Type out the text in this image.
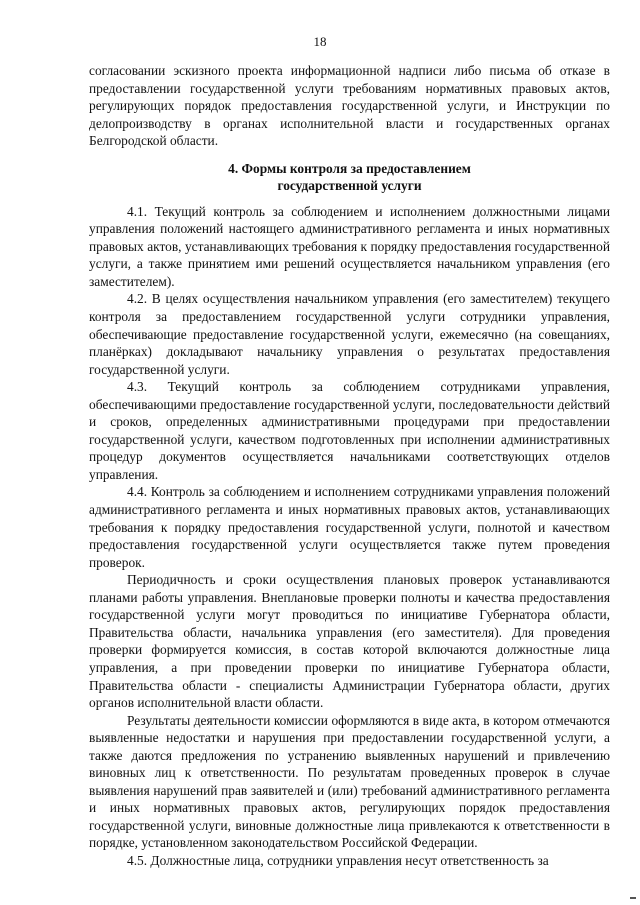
18

согласовании эскизного проекта информационной надписи либо письма об отказе в предоставлении государственной услуги требованиям нормативных правовых актов, регулирующих порядок предоставления государственной услуги, и Инструкции по делопроизводству в органах исполнительной власти и государственных органах Белгородской области.

4. Формы контроля за предоставлением
государственной услуги

4.1. Текущий контроль за соблюдением и исполнением должностными лицами управления положений настоящего административного регламента и иных нормативных правовых актов, устанавливающих требования к порядку предоставления государственной услуги, а также принятием ими решений осуществляется начальником управления (его заместителем).

4.2. В целях осуществления начальником управления (его заместителем) текущего контроля за предоставлением государственной услуги сотрудники управления, обеспечивающие предоставление государственной услуги, ежемесячно (на совещаниях, планёрках) докладывают начальнику управления о результатах предоставления государственной услуги.

4.3. Текущий контроль за соблюдением сотрудниками управления, обеспечивающими предоставление государственной услуги, последовательности действий и сроков, определенных административными процедурами при предоставлении государственной услуги, качеством подготовленных при исполнении административных процедур документов осуществляется начальниками соответствующих отделов управления.

4.4. Контроль за соблюдением и исполнением сотрудниками управления положений административного регламента и иных нормативных правовых актов, устанавливающих требования к порядку предоставления государственной услуги, полнотой и качеством предоставления государственной услуги осуществляется также путем проведения проверок.

Периодичность и сроки осуществления плановых проверок устанавливаются планами работы управления. Внеплановые проверки полноты и качества предоставления государственной услуги могут проводиться по инициативе Губернатора области, Правительства области, начальника управления (его заместителя). Для проведения проверки формируется комиссия, в состав которой включаются должностные лица управления, а при проведении проверки по инициативе Губернатора области, Правительства области - специалисты Администрации Губернатора области, других органов исполнительной власти области.

Результаты деятельности комиссии оформляются в виде акта, в котором отмечаются выявленные недостатки и нарушения при предоставлении государственной услуги, а также даются предложения по устранению выявленных нарушений и привлечению виновных лиц к ответственности. По результатам проведенных проверок в случае выявления нарушений прав заявителей и (или) требований административного регламента и иных нормативных правовых актов, регулирующих порядок предоставления государственной услуги, виновные должностные лица привлекаются к ответственности в порядке, установленном законодательством Российской Федерации.

4.5. Должностные лица, сотрудники управления несут ответственность за
